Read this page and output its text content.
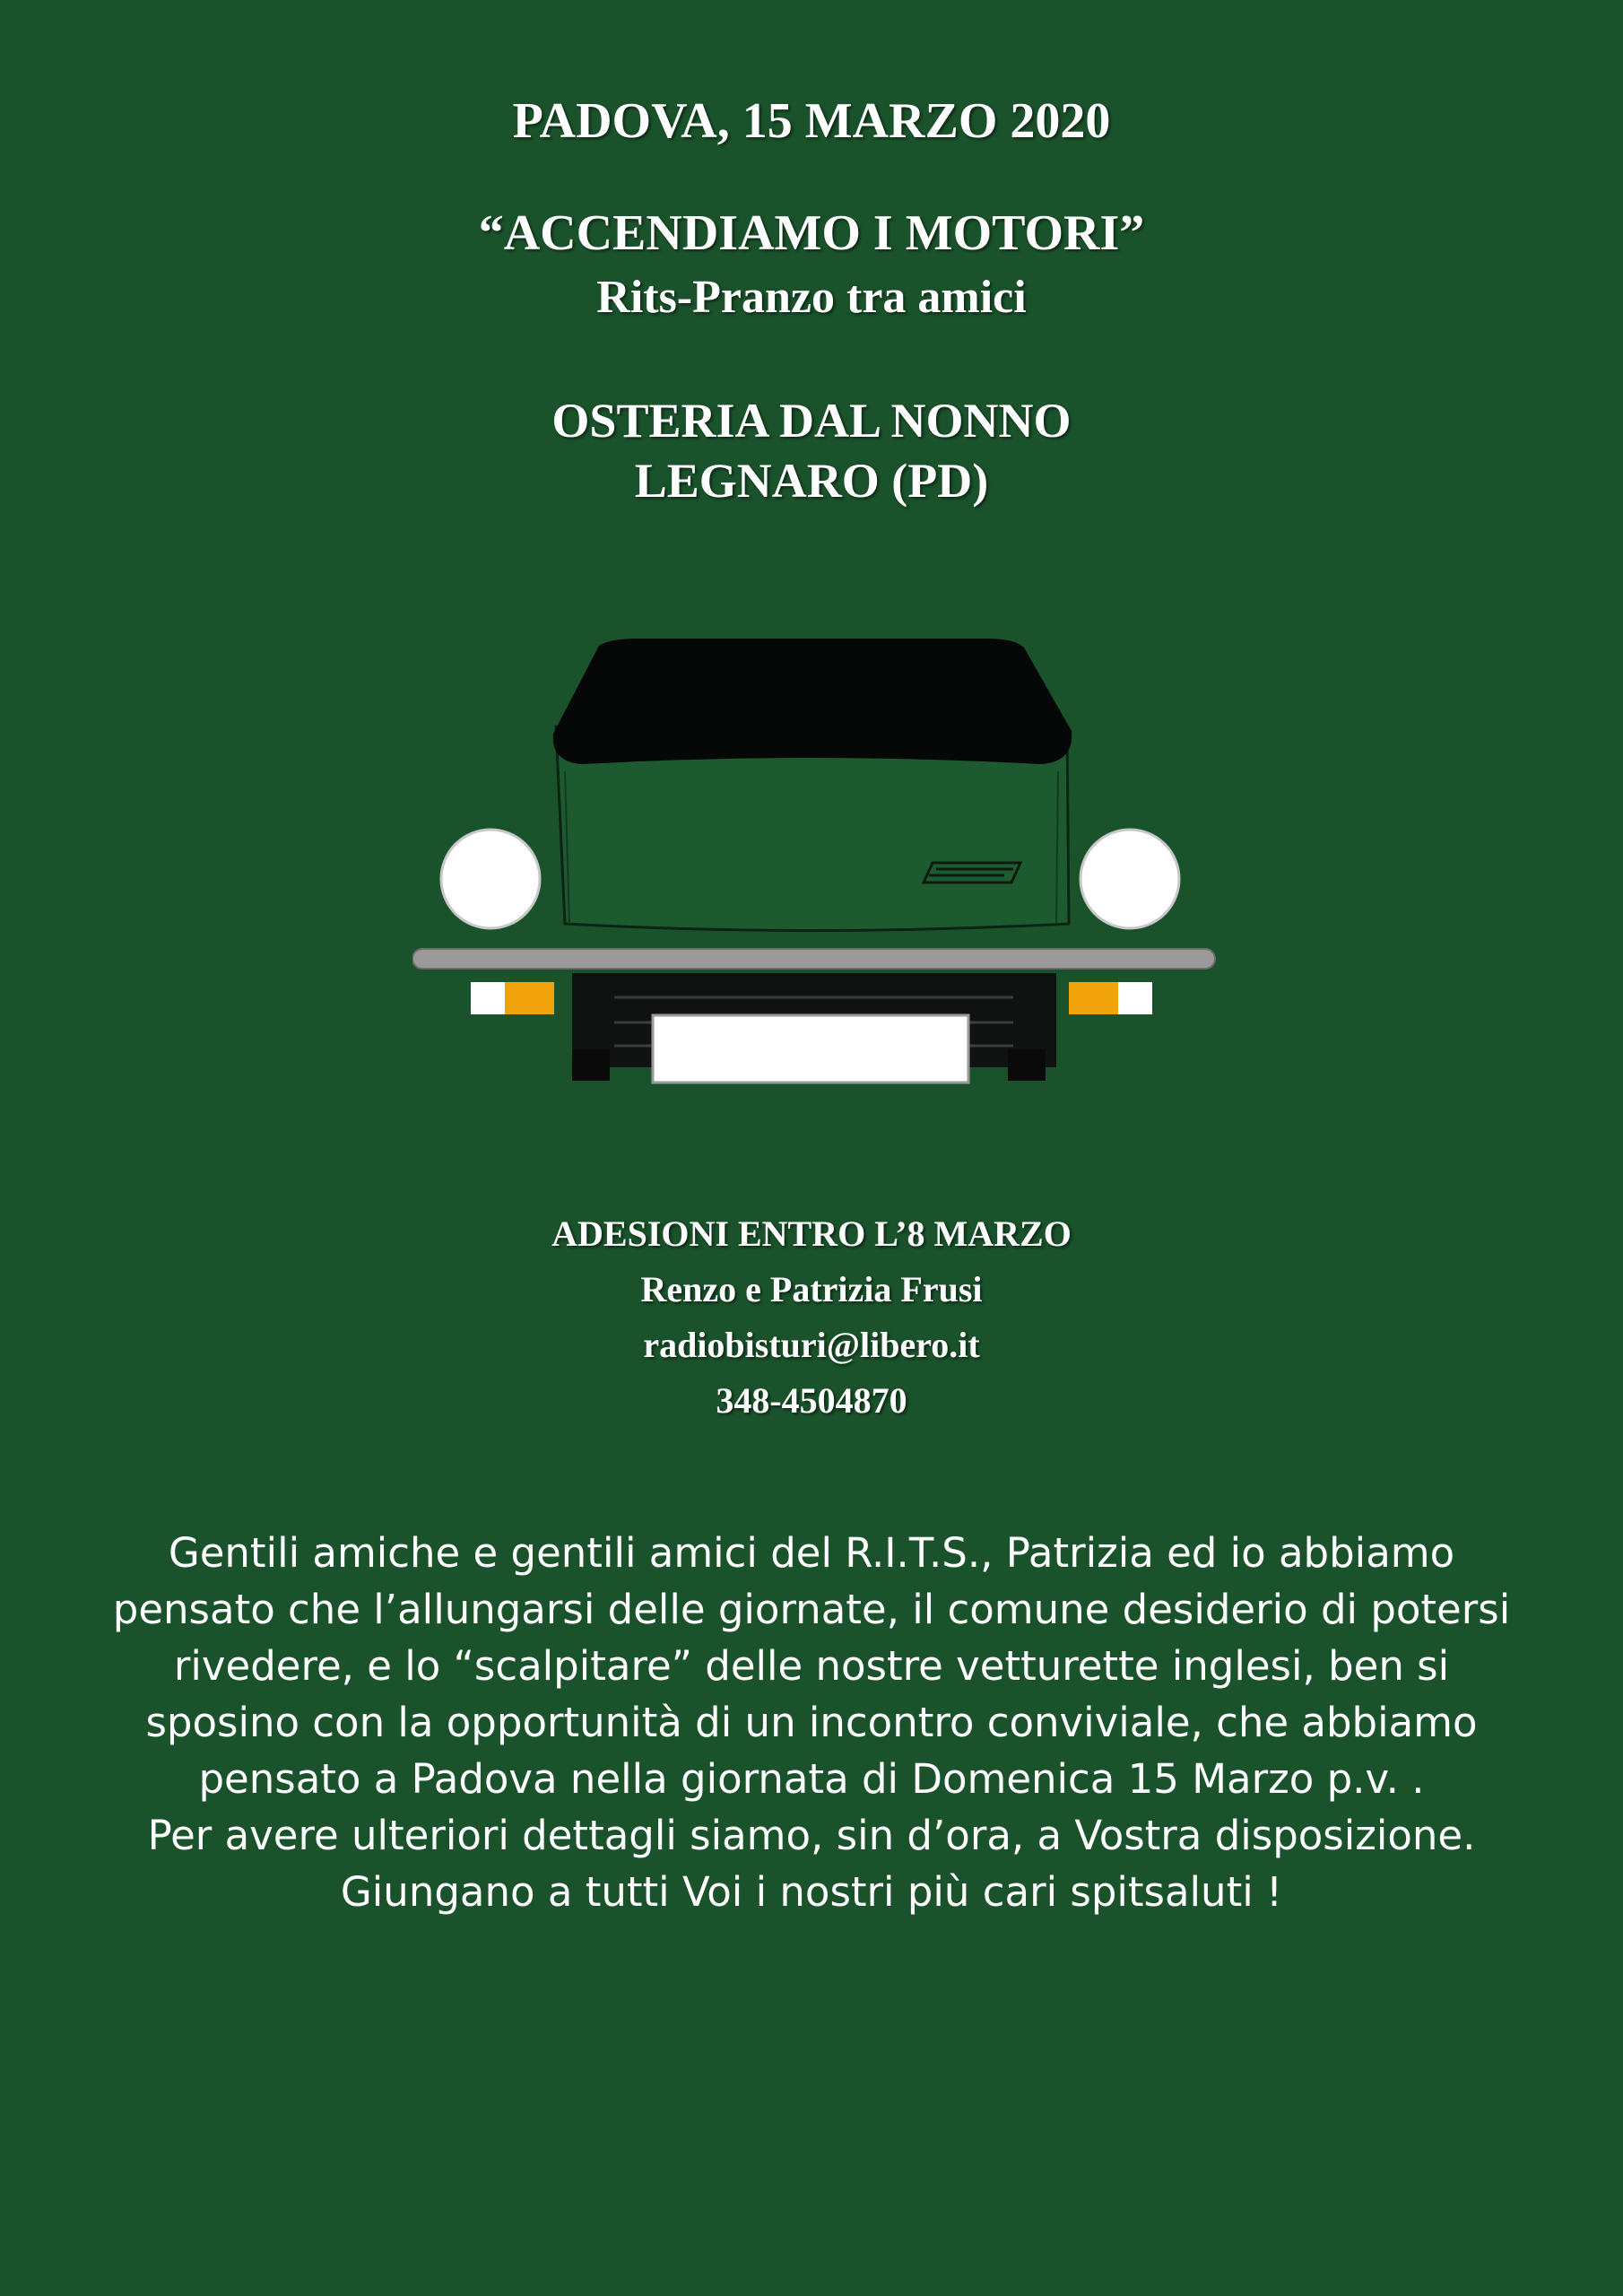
PADOVA, 15 MARZO 2020
“ACCENDIAMO I MOTORI”
Rits-Pranzo tra amici
OSTERIA DAL NONNO
LEGNARO (PD)
ADESIONI ENTRO L’8 MARZO
Renzo e Patrizia Frusi
radiobisturi@libero.it
348-4504870
Gentili amiche e gentili amici del R.I.T.S., Patrizia ed io abbiamo
pensato che l’allungarsi delle giornate, il comune desiderio di potersi
rivedere, e lo “scalpitare” delle nostre vetturette inglesi, ben si
sposino con la opportunità di un incontro conviviale, che abbiamo
pensato a Padova nella giornata di Domenica 15 Marzo p.v. .
Per avere ulteriori dettagli siamo, sin d’ora, a Vostra disposizione.
Giungano a tutti Voi i nostri più cari spitsaluti !
